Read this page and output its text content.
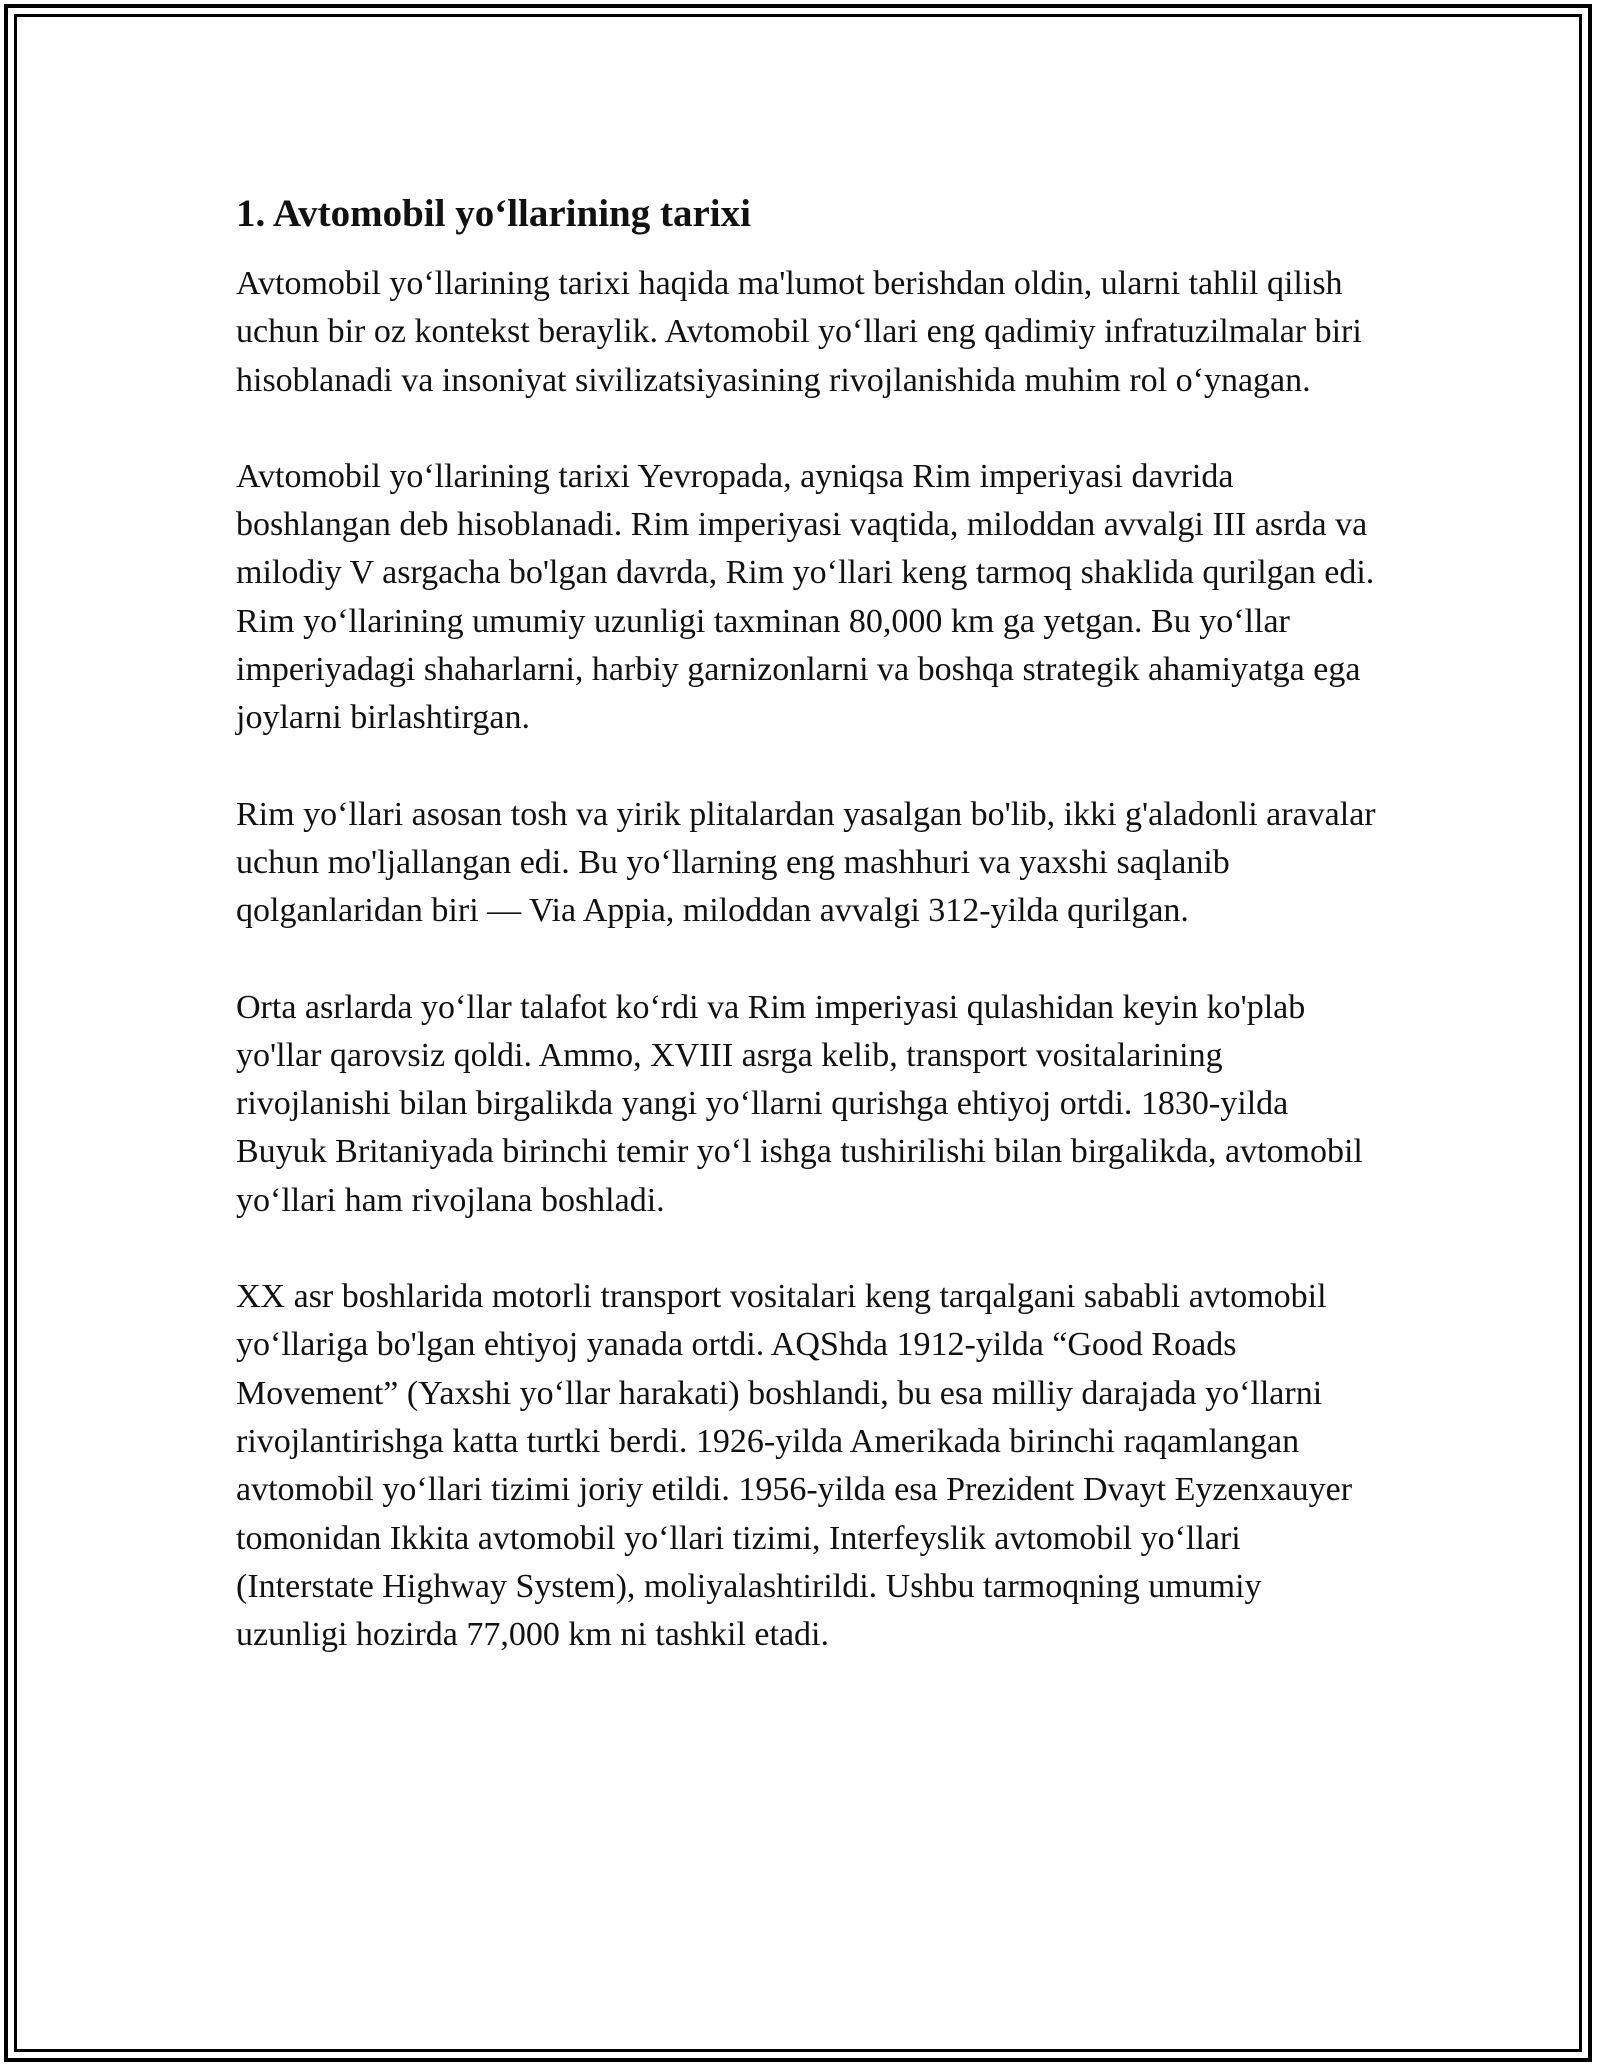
1. Avtomobil yo‘llarining tarixi

Avtomobil yo‘llarining tarixi haqida ma'lumot berishdan oldin, ularni tahlil qilish uchun bir oz kontekst beraylik. Avtomobil yo‘llari eng qadimiy infratuzilmalar biri hisoblanadi va insoniyat sivilizatsiyasining rivojlanishida muhim rol o‘ynagan.

Avtomobil yo‘llarining tarixi Yevropada, ayniqsa Rim imperiyasi davrida boshlangan deb hisoblanadi. Rim imperiyasi vaqtida, miloddan avvalgi III asrda va milodiy V asrgacha bo'lgan davrda, Rim yo‘llari keng tarmoq shaklida qurilgan edi. Rim yo‘llarining umumiy uzunligi taxminan 80,000 km ga yetgan. Bu yo‘llar imperiyadagi shaharlarni, harbiy garnizonlarni va boshqa strategik ahamiyatga ega joylarni birlashtirgan.

Rim yo‘llari asosan tosh va yirik plitalardan yasalgan bo'lib, ikki g'aladonli aravalar uchun mo'ljallangan edi. Bu yo‘llarning eng mashhuri va yaxshi saqlanib qolganlaridan biri — Via Appia, miloddan avvalgi 312-yilda qurilgan.

Orta asrlarda yo‘llar talafot ko‘rdi va Rim imperiyasi qulashidan keyin ko'plab yo'llar qarovsiz qoldi. Ammo, XVIII asrga kelib, transport vositalarining rivojlanishi bilan birgalikda yangi yo‘llarni qurishga ehtiyoj ortdi. 1830-yilda Buyuk Britaniyada birinchi temir yo‘l ishga tushirilishi bilan birgalikda, avtomobil yo‘llari ham rivojlana boshladi.

XX asr boshlarida motorli transport vositalari keng tarqalgani sababli avtomobil yo‘llariga bo'lgan ehtiyoj yanada ortdi. AQShda 1912-yilda “Good Roads Movement” (Yaxshi yo‘llar harakati) boshlandi, bu esa milliy darajada yo‘llarni rivojlantirishga katta turtki berdi. 1926-yilda Amerikada birinchi raqamlangan avtomobil yo‘llari tizimi joriy etildi. 1956-yilda esa Prezident Dvayt Eyzenxauyer tomonidan Ikkita avtomobil yo‘llari tizimi, Interfeyslik avtomobil yo‘llari (Interstate Highway System), moliyalashtirildi. Ushbu tarmoqning umumiy uzunligi hozirda 77,000 km ni tashkil etadi.
